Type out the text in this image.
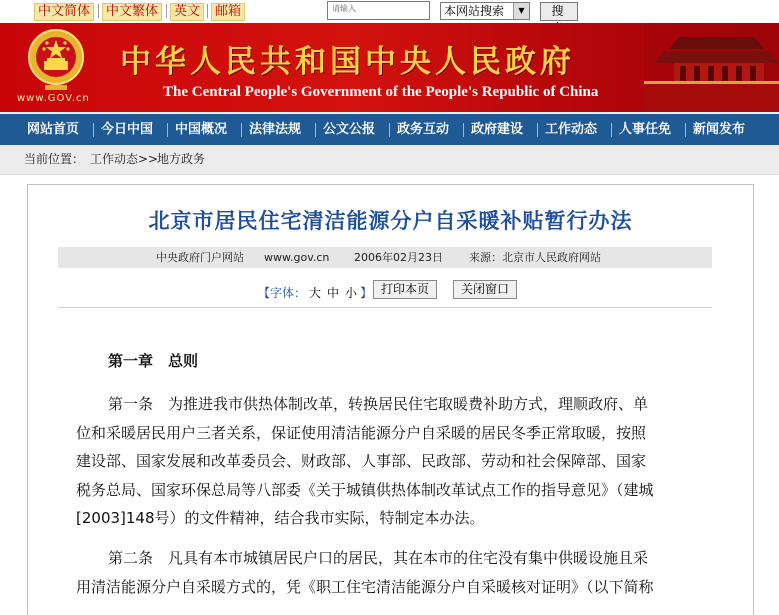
中文简体	中文繁体	英文	邮箱	请输入	本网站搜索	▼	搜
www.GOV.cn
中华人民共和国中央人民政府
The Central People's Government of the People's Republic of China
网站首页 今日中国 中国概况 法律法规 公文公报 政务互动 政府建设 工作动态 人事任免 新闻发布
当前位置： 工作动态>>
地方政务
北京市居民住宅清洁能源分户自采暖补贴暂行办法
中央政府门户网站 www.gov.cn 2006年02月23日 来源：北京市人民政府网站
【字体： 大 中 小 】 打印本页	关闭窗口
第一章　总则
第一条　为推进我市供热体制改革，转换居民住宅取暖费补助方式，理顺政府、单
位和采暖居民用户三者关系，保证使用清洁能源分户自采暖的居民冬季正常取暖，按照
建设部、国家发展和改革委员会、财政部、人事部、民政部、劳动和社会保障部、国家
税务总局、国家环保总局等八部委《关于城镇供热体制改革试点工作的指导意见》（建城
[2003]148号）的文件精神，结合我市实际，特制定本办法。
第二条　凡具有本市城镇居民户口的居民，其在本市的住宅没有集中供暖设施且采
用清洁能源分户自采暖方式的，凭《职工住宅清洁能源分户自采暖核对证明》（以下简称
